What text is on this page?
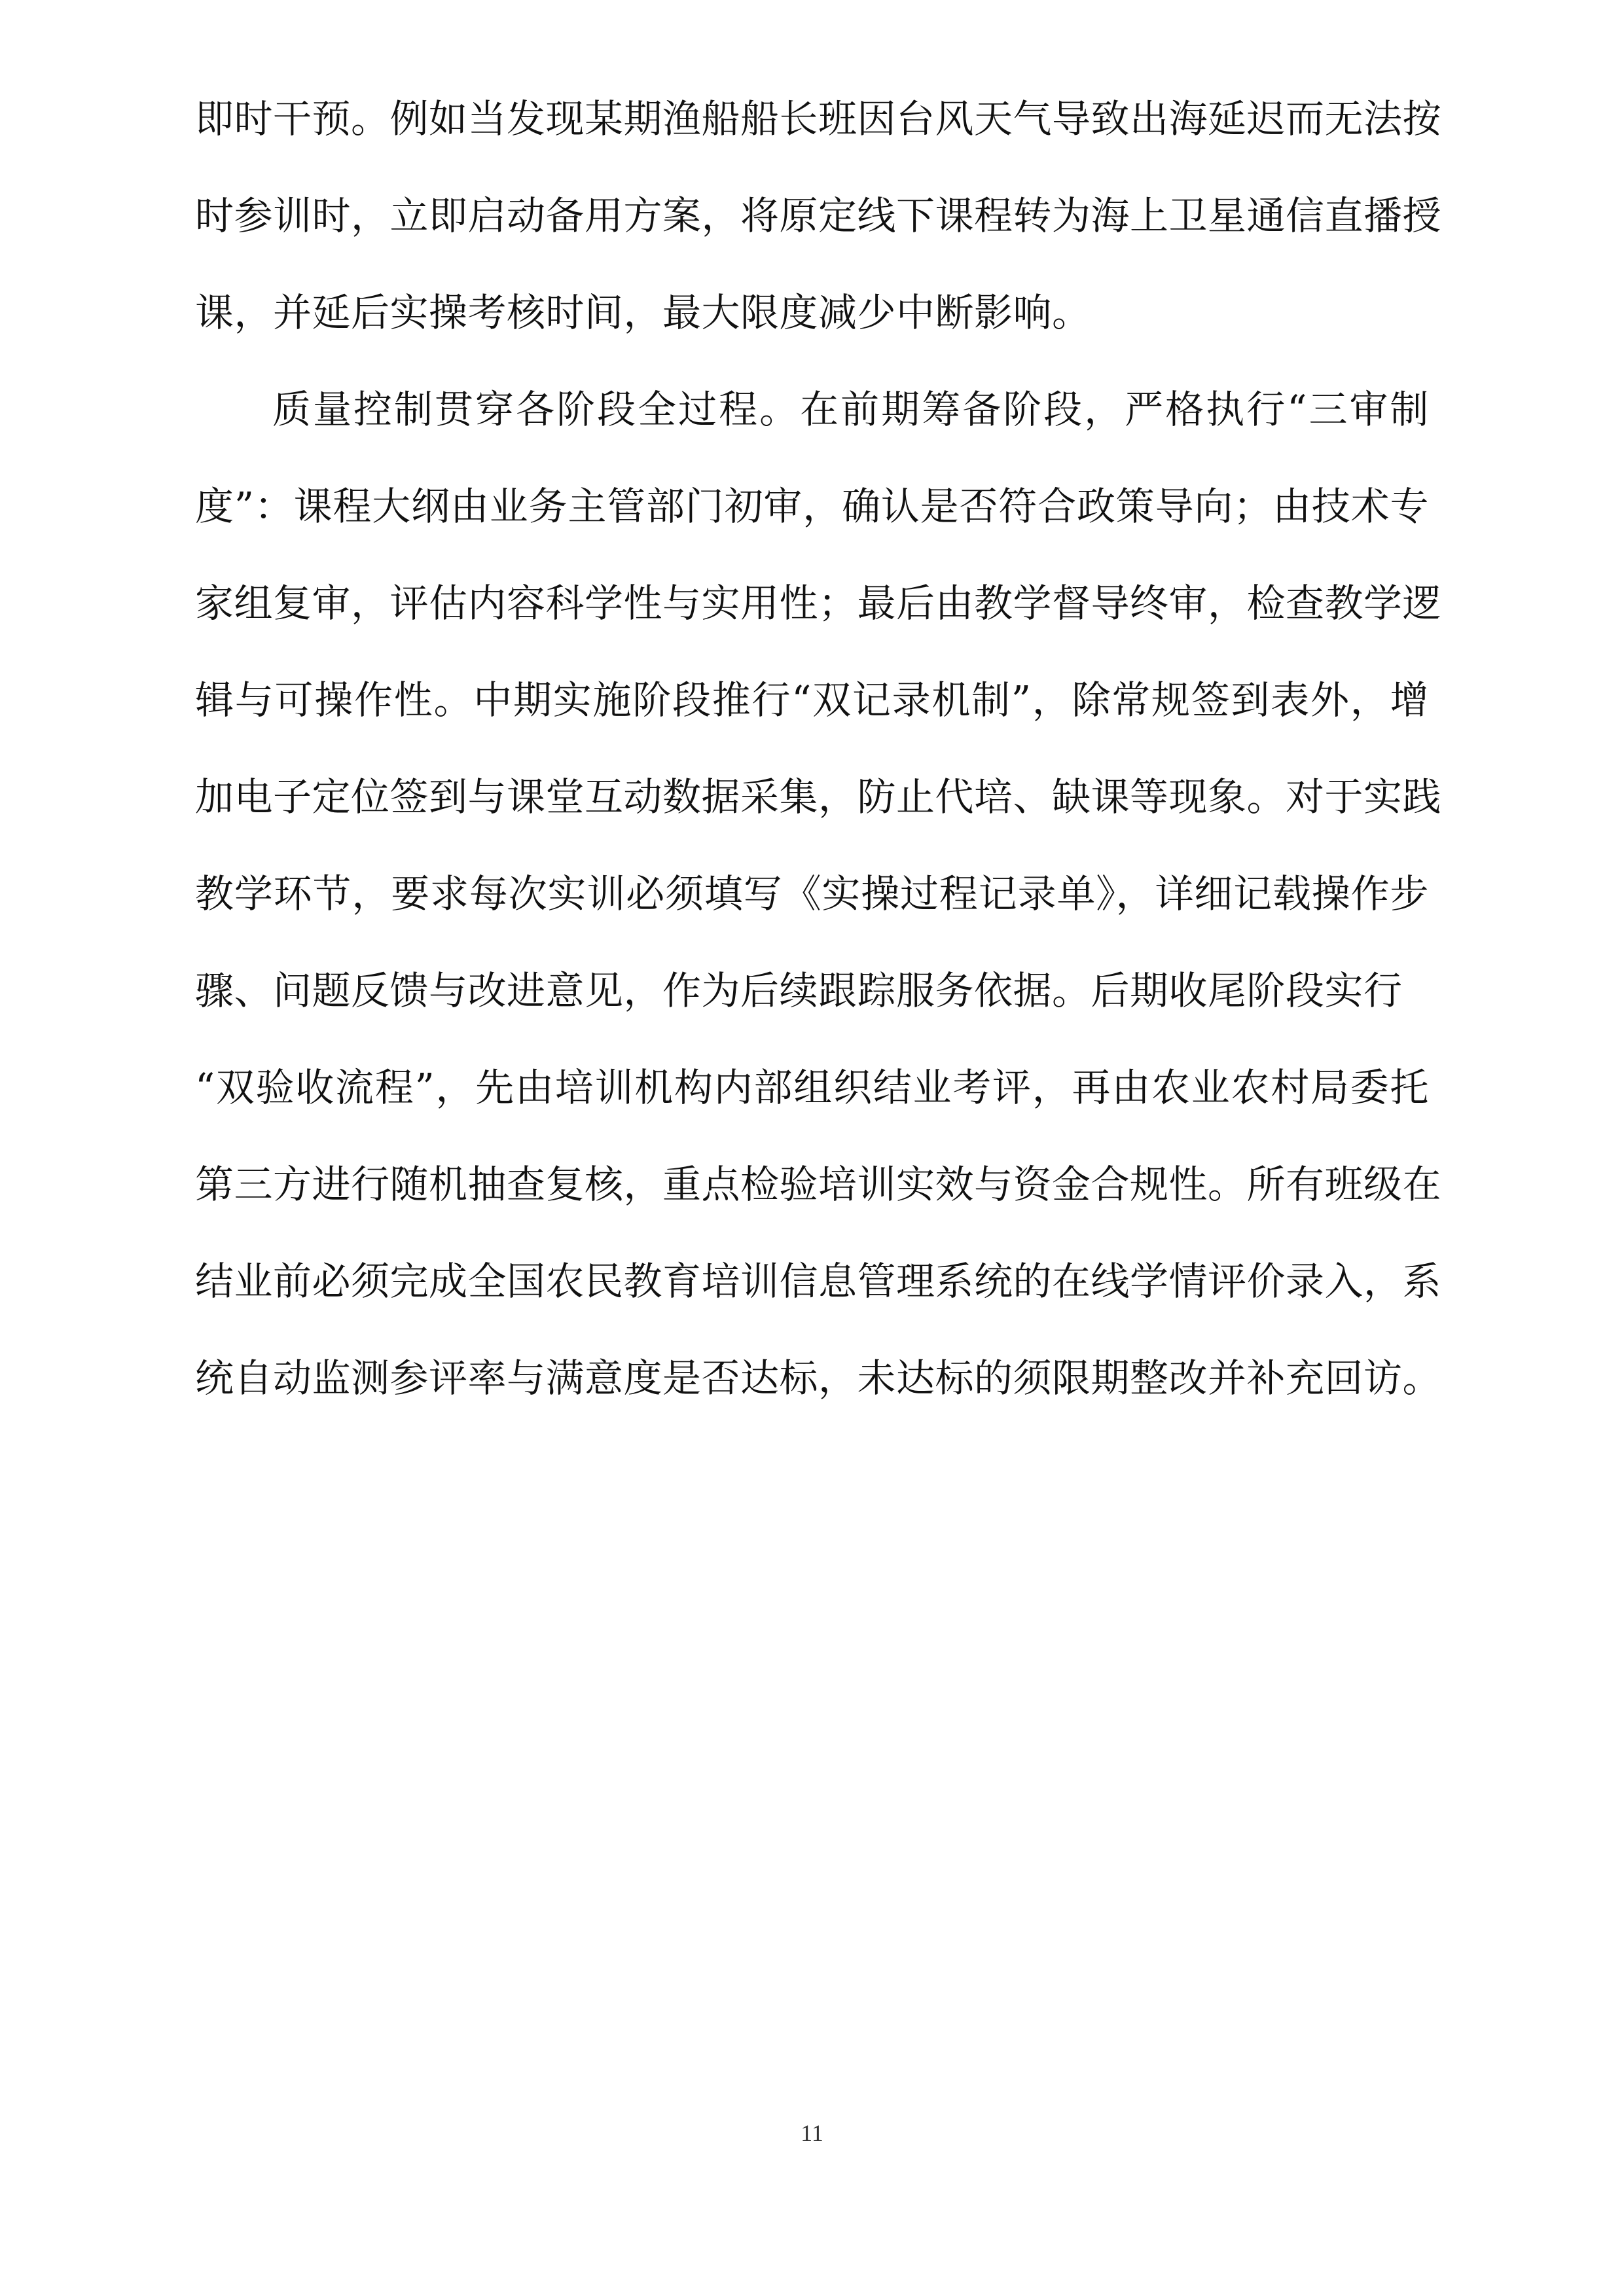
即时干预。例如当发现某期渔船船长班因台风天气导致出海延迟而无法按
时参训时，立即启动备用方案，将原定线下课程转为海上卫星通信直播授
课，并延后实操考核时间，最大限度减少中断影响。
质量控制贯穿各阶段全过程。在前期筹备阶段，严格执行“三审制
度”：课程大纲由业务主管部门初审，确认是否符合政策导向；由技术专
家组复审，评估内容科学性与实用性；最后由教学督导终审，检查教学逻
辑与可操作性。中期实施阶段推行“双记录机制”，除常规签到表外，增
加电子定位签到与课堂互动数据采集，防止代培、缺课等现象。对于实践
教学环节，要求每次实训必须填写《实操过程记录单》，详细记载操作步
骤、问题反馈与改进意见，作为后续跟踪服务依据。后期收尾阶段实行
“双验收流程”，先由培训机构内部组织结业考评，再由农业农村局委托
第三方进行随机抽查复核，重点检验培训实效与资金合规性。所有班级在
结业前必须完成全国农民教育培训信息管理系统的在线学情评价录入，系
统自动监测参评率与满意度是否达标，未达标的须限期整改并补充回访。
11
